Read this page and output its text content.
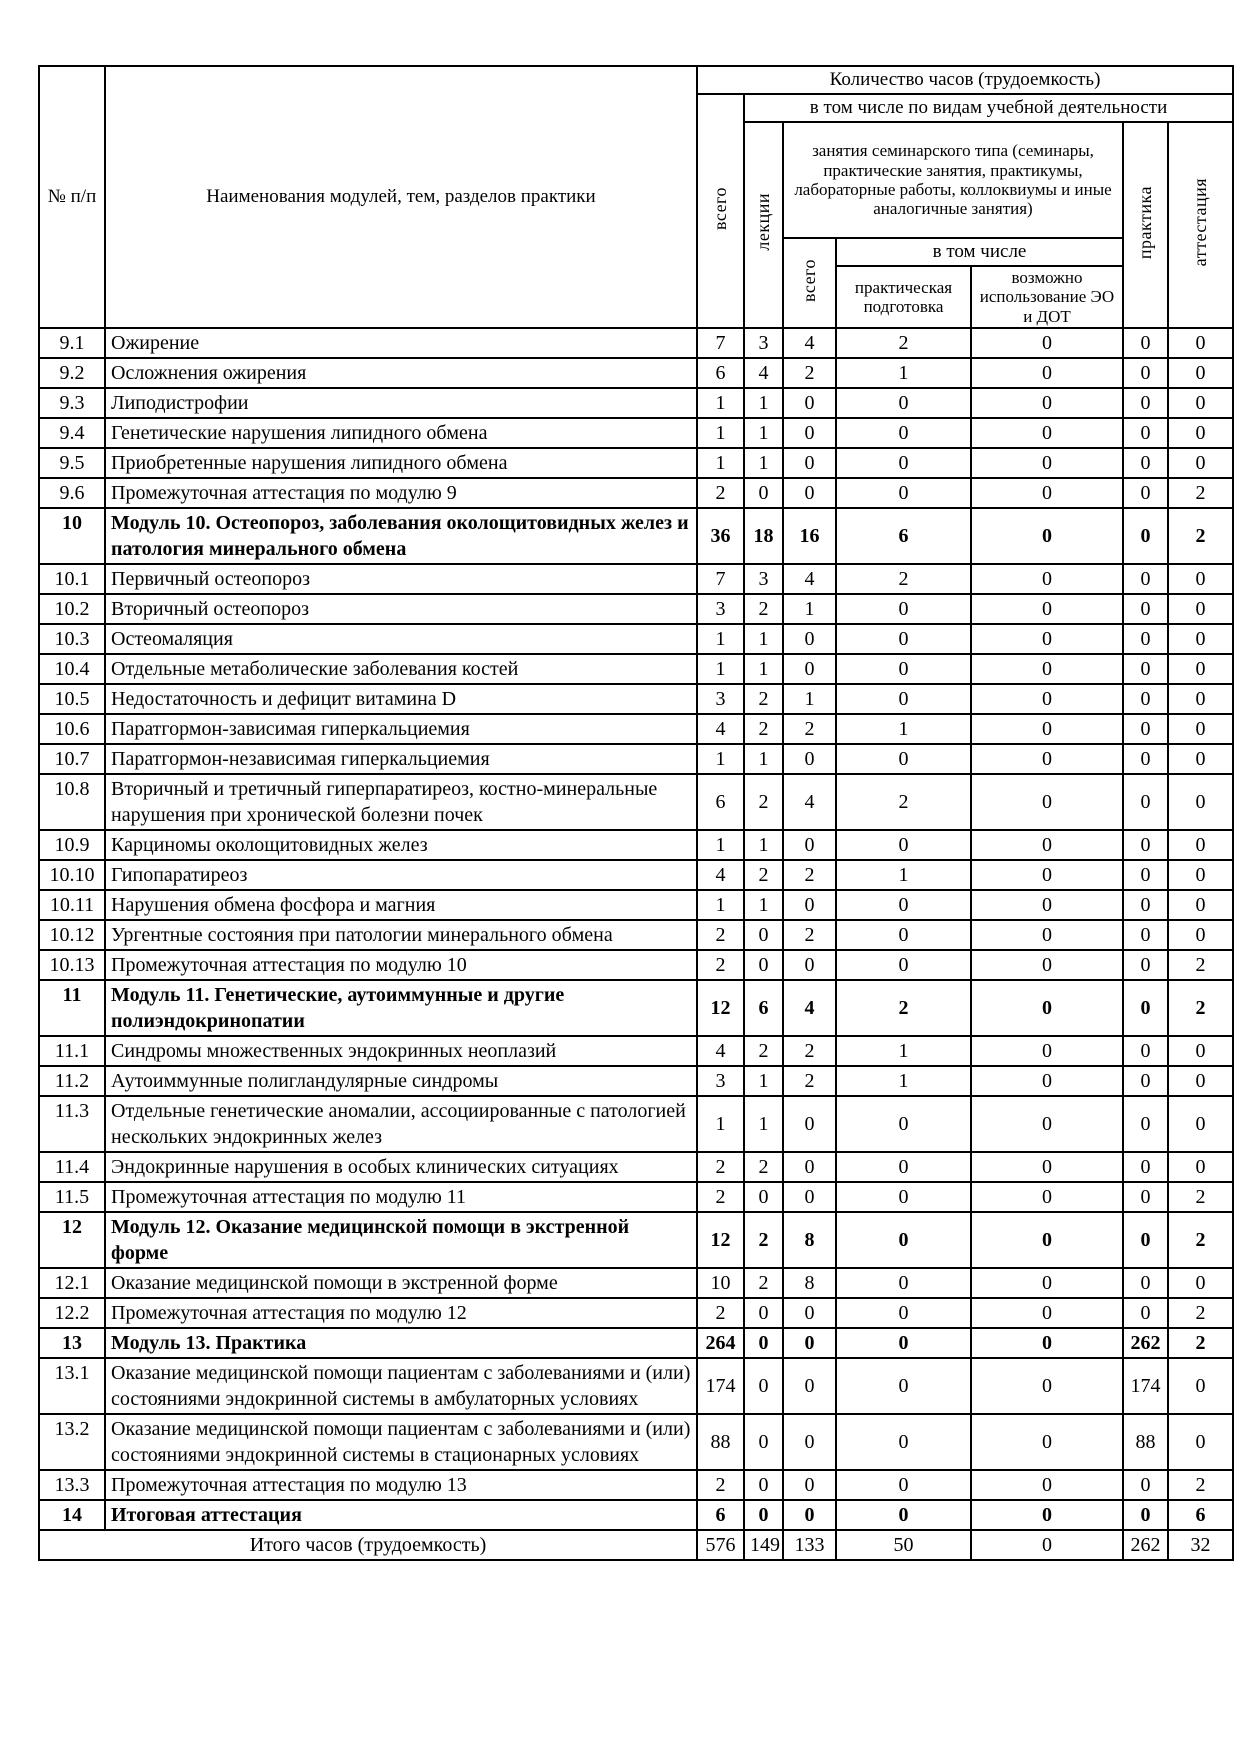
№ п/п	Наименования модулей, тем, разделов практики	Количество часов (трудоемкость)						
		всего	в том числе по видам учебной деятельности					
			лекции	занятия семинарского типа (семинары, практические занятия, практикумы, лабораторные работы, коллоквиумы и иные аналогичные занятия)			практика	аттестация
				всего	в том числе			
					практическая подготовка	возможно использование ЭО и ДОТ		
9.1	Ожирение	7	3	4	2	0	0	0
9.2	Осложнения ожирения	6	4	2	1	0	0	0
9.3	Липодистрофии	1	1	0	0	0	0	0
9.4	Генетические нарушения липидного обмена	1	1	0	0	0	0	0
9.5	Приобретенные нарушения липидного обмена	1	1	0	0	0	0	0
9.6	Промежуточная аттестация по модулю 9	2	0	0	0	0	0	2
10	Модуль 10. Остеопороз, заболевания околощитовидных желез и патология минерального обмена	36	18	16	6	0	0	2
10.1	Первичный остеопороз	7	3	4	2	0	0	0
10.2	Вторичный остеопороз	3	2	1	0	0	0	0
10.3	Остеомаляция	1	1	0	0	0	0	0
10.4	Отдельные метаболические заболевания костей	1	1	0	0	0	0	0
10.5	Недостаточность и дефицит витамина D	3	2	1	0	0	0	0
10.6	Паратгормон-зависимая гиперкальциемия	4	2	2	1	0	0	0
10.7	Паратгормон-независимая гиперкальциемия	1	1	0	0	0	0	0
10.8	Вторичный и третичный гиперпаратиреоз, костно-минеральные нарушения при хронической болезни почек	6	2	4	2	0	0	0
10.9	Карциномы околощитовидных желез	1	1	0	0	0	0	0
10.10	Гипопаратиреоз	4	2	2	1	0	0	0
10.11	Нарушения обмена фосфора и магния	1	1	0	0	0	0	0
10.12	Ургентные состояния при патологии минерального обмена	2	0	2	0	0	0	0
10.13	Промежуточная аттестация по модулю 10	2	0	0	0	0	0	2
11	Модуль 11. Генетические, аутоиммунные и другие полиэндокринопатии	12	6	4	2	0	0	2
11.1	Синдромы множественных эндокринных неоплазий	4	2	2	1	0	0	0
11.2	Аутоиммунные полигландулярные синдромы	3	1	2	1	0	0	0
11.3	Отдельные генетические аномалии, ассоциированные с патологией нескольких эндокринных желез	1	1	0	0	0	0	0
11.4	Эндокринные нарушения в особых клинических ситуациях	2	2	0	0	0	0	0
11.5	Промежуточная аттестация по модулю 11	2	0	0	0	0	0	2
12	Модуль 12. Оказание медицинской помощи в экстренной форме	12	2	8	0	0	0	2
12.1	Оказание медицинской помощи в экстренной форме	10	2	8	0	0	0	0
12.2	Промежуточная аттестация по модулю 12	2	0	0	0	0	0	2
13	Модуль 13. Практика	264	0	0	0	0	262	2
13.1	Оказание медицинской помощи пациентам с заболеваниями и (или) состояниями эндокринной системы в амбулаторных условиях	174	0	0	0	0	174	0
13.2	Оказание медицинской помощи пациентам с заболеваниями и (или) состояниями эндокринной системы в стационарных условиях	88	0	0	0	0	88	0
13.3	Промежуточная аттестация по модулю 13	2	0	0	0	0	0	2
14	Итоговая аттестация	6	0	0	0	0	0	6
Итого часов (трудоемкость)		576	149	133	50	0	262	32
